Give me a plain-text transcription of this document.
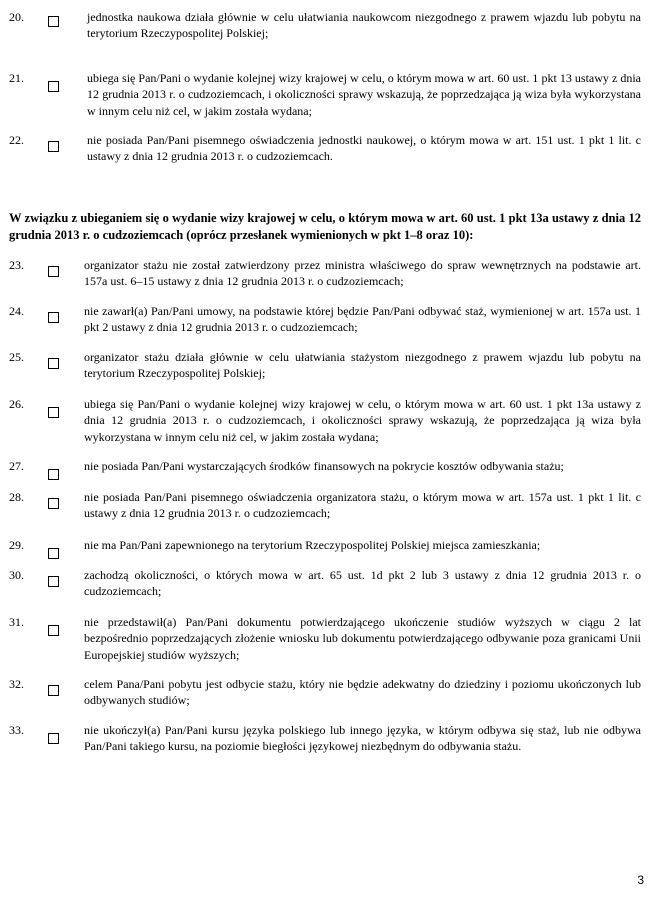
20.	jednostka naukowa działa głównie w celu ułatwiania naukowcom niezgodnego z prawem wjazdu lub pobytu na terytorium Rzeczypospolitej Polskiej;
21.	ubiega się Pan/Pani o wydanie kolejnej wizy krajowej w celu, o którym mowa w art. 60 ust. 1 pkt 13 ustawy z dnia 12 grudnia 2013 r. o cudzoziemcach, i okoliczności sprawy wskazują, że poprzedzająca ją wiza była wykorzystana w innym celu niż cel, w jakim została wydana;
22.	nie posiada Pan/Pani pisemnego oświadczenia jednostki naukowej, o którym mowa w art. 151 ust. 1 pkt 1 lit. c ustawy z dnia 12 grudnia 2013 r. o cudzoziemcach.
W związku z ubieganiem się o wydanie wizy krajowej w celu, o którym mowa w art. 60 ust. 1 pkt 13a ustawy z dnia 12 grudnia 2013 r. o cudzoziemcach (oprócz przesłanek wymienionych w pkt 1–8 oraz 10):
23.	organizator stażu nie został zatwierdzony przez ministra właściwego do spraw wewnętrznych na podstawie art. 157a ust. 6–15 ustawy z dnia 12 grudnia 2013 r. o cudzoziemcach;
24.	nie zawarł(a) Pan/Pani umowy, na podstawie której będzie Pan/Pani odbywać staż, wymienionej w art. 157a ust. 1 pkt 2 ustawy z dnia 12 grudnia 2013 r. o cudzoziemcach;
25.	organizator stażu działa głównie w celu ułatwiania stażystom niezgodnego z prawem wjazdu lub pobytu na terytorium Rzeczypospolitej Polskiej;
26.	ubiega się Pan/Pani o wydanie kolejnej wizy krajowej w celu, o którym mowa w art. 60 ust. 1 pkt 13a ustawy z dnia 12 grudnia 2013 r. o cudzoziemcach, i okoliczności sprawy wskazują, że poprzedzająca ją wiza była wykorzystana w innym celu niż cel, w jakim została wydana;
27.	nie posiada Pan/Pani wystarczających środków finansowych na pokrycie kosztów odbywania stażu;
28.	nie posiada Pan/Pani pisemnego oświadczenia organizatora stażu, o którym mowa w art. 157a ust. 1 pkt 1 lit. c ustawy z dnia 12 grudnia 2013 r. o cudzoziemcach;
29.	nie ma Pan/Pani zapewnionego na terytorium Rzeczypospolitej Polskiej miejsca zamieszkania;
30.	zachodzą okoliczności, o których mowa w art. 65 ust. 1d pkt 2 lub 3 ustawy z dnia 12 grudnia 2013 r. o cudzoziemcach;
31.	nie przedstawił(a) Pan/Pani dokumentu potwierdzającego ukończenie studiów wyższych w ciągu 2 lat bezpośrednio poprzedzających złożenie wniosku lub dokumentu potwierdzającego odbywanie poza granicami Unii Europejskiej studiów wyższych;
32.	celem Pana/Pani pobytu jest odbycie stażu, który nie będzie adekwatny do dziedziny i poziomu ukończonych lub odbywanych studiów;
33.	nie ukończył(a) Pan/Pani kursu języka polskiego lub innego języka, w którym odbywa się staż, lub nie odbywa Pan/Pani takiego kursu, na poziomie biegłości językowej niezbędnym do odbywania stażu.
3
